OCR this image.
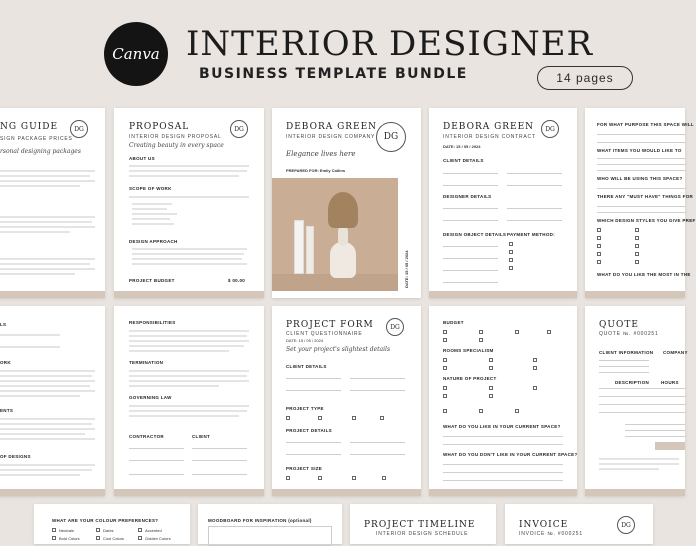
Canva INTERIOR DESIGNER
BUSINESS TEMPLATE BUNDLE	14 pages
NG GUIDE
SIGN PACKAGE PRICES
DG
rsonal designing packages
PROPOSAL
INTERIOR DESIGN PROPOSAL
DG
Creating beauty in every space
ABOUT US
SCOPE OF WORK
DESIGN APPROACH
PROJECT BUDGET	$ 00.00
DEBORA GREEN
INTERIOR DESIGN COMPANY DG
Elegance lives here
PREPARED FOR: Emily Collins
DATE: 15 / 05 / 2024
DEBORA GREEN
INTERIOR DESIGN CONTRACT
DG
DATE: 15 / 05 / 2024
CLIENT DETAILS
DESIGNER DETAILS
DESIGN OBJECT DETAILS PAYMENT METHOD:
FOR WHAT PURPOSE THIS SPACE WILL
WHAT ITEMS YOU WOULD LIKE TO
WHO WILL BE USING THIS SPACE?
THERE ANY "MUST HAVE" THINGS FOR
WHICH DESIGN STYLES YOU GIVE PREF
WHAT DO YOU LIKE THE MOST IN THE
LS
ORK
ENTS
OF DESIGNS
RESPONSIBILITIES
TERMINATION
GOVERNING LAW
CONTRACTOR	CLIENT
PROJECT FORM
CLIENT QUESTIONNAIRE
DATE: 15 / 05 / 2024
DG
Set your project's slightest details
CLIENT DETAILS
PROJECT TYPE
PROJECT DETAILS
PROJECT SIZE
BUDGET
ROOMS SPECIALISM
NATURE OF PROJECT
WHAT DO YOU LIKE IN YOUR CURRENT SPACE?
WHAT DO YOU DON'T LIKE IN YOUR CURRENT SPACE?
QUOTE
QUOTE №. #000251
CLIENT INFORMATION COMPANY
DESCRIPTION	HOURS
WHAT ARE YOUR COLOUR PREFERENCES?
Neutrals	Darks	Accented
Bold Colors	Cool Colors	Golden Colors
MOODBOARD FOR INSPIRATION (optional)	PROJECT TIMELINE
INTERIOR DESIGN SCHEDULE
INVOICE
INVOICE №. #000251
DG
